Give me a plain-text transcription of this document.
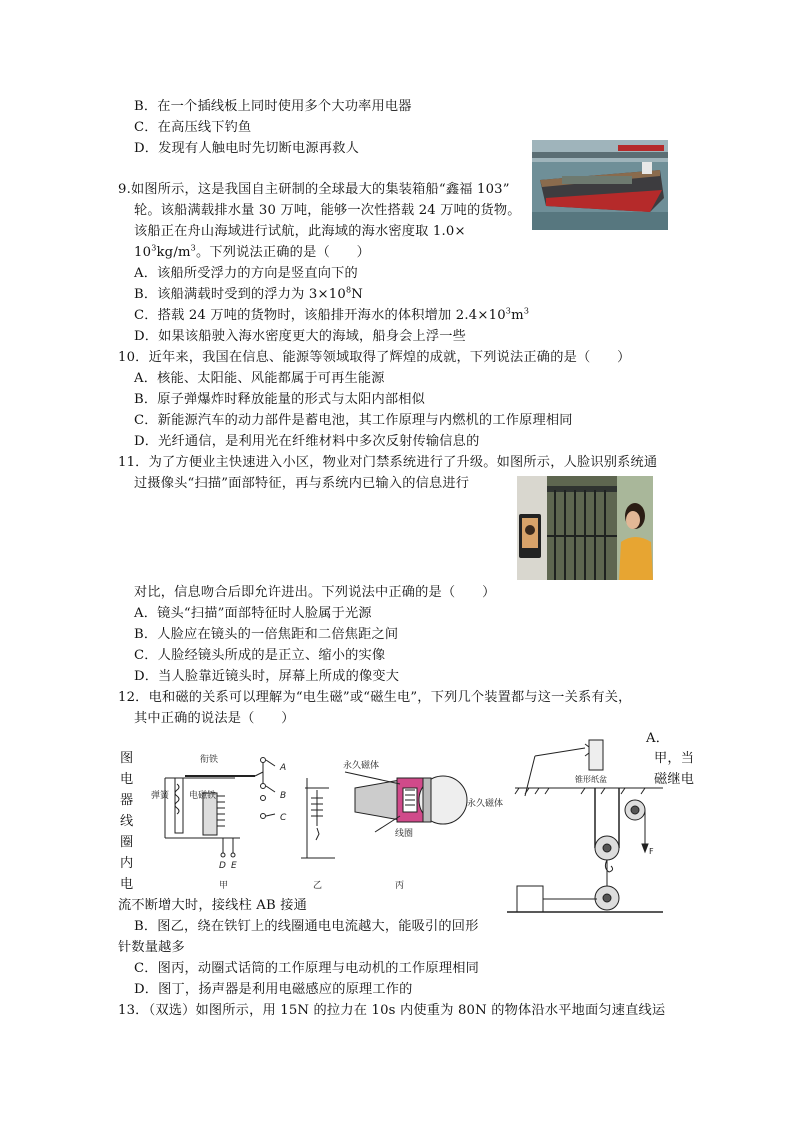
B．在一个插线板上同时使用多个大功率用电器
C．在高压线下钓鱼
D．发现有人触电时先切断电源再救人
9.如图所示，这是我国自主研制的全球最大的集装箱船“鑫福 103”
轮。该船满载排水量 30 万吨，能够一次性搭载 24 万吨的货物。
该船正在舟山海域进行试航，此海域的海水密度取 1.0×
$10^3kg/m^3$。下列说法正确的是（　　）
A．该船所受浮力的方向是竖直向下的
B．该船满载时受到的浮力为 $3\times 10^8N$
C．搭载 24 万吨的货物时，该船排开海水的体积增加 $2.4\times 10^3m^3$
D．如果该船驶入海水密度更大的海域，船身会上浮一些
10．近年来，我国在信息、能源等领域取得了辉煌的成就，下列说法正确的是（　　）
A．核能、太阳能、风能都属于可再生能源
B．原子弹爆炸时释放能量的形式与太阳内部相似
C．新能源汽车的动力部件是蓄电池，其工作原理与内燃机的工作原理相同
D．光纤通信，是利用光在纤维材料中多次反射传输信息的
11．为了方便业主快速进入小区，物业对门禁系统进行了升级。如图所示，人脸识别系统通
过摄像头“扫描”面部特征，再与系统内已输入的信息进行
对比，信息吻合后即允许进出。下列说法中正确的是（　　）
A．镜头“扫描”面部特征时人脸属于光源
B．人脸应在镜头的一倍焦距和二倍焦距之间
C．人脸经镜头所成的是正立、缩小的实像
D．当人脸靠近镜头时，屏幕上所成的像变大
12．电和磁的关系可以理解为“电生磁”或“磁生电”，下列几个装置都与这一关系有关，
其中正确的说法是（　　）
A．
甲，当
磁继电
图
电
器
线
圈
内
电
衔铁
弹簧 电磁铁
A
B
C
D E
甲	乙	丙
永久磁体
线圈
永久磁体
锥形纸盆
F
流不断增大时，接线柱 AB 接通
B．图乙，绕在铁钉上的线圈通电电流越大，能吸引的回形
针数量越多
C．图丙，动圈式话筒的工作原理与电动机的工作原理相同
D．图丁，扬声器是利用电磁感应的原理工作的
13．（双选）如图所示，用 15N 的拉力在 10s 内使重为 80N 的物体沿水平地面匀速直线运
